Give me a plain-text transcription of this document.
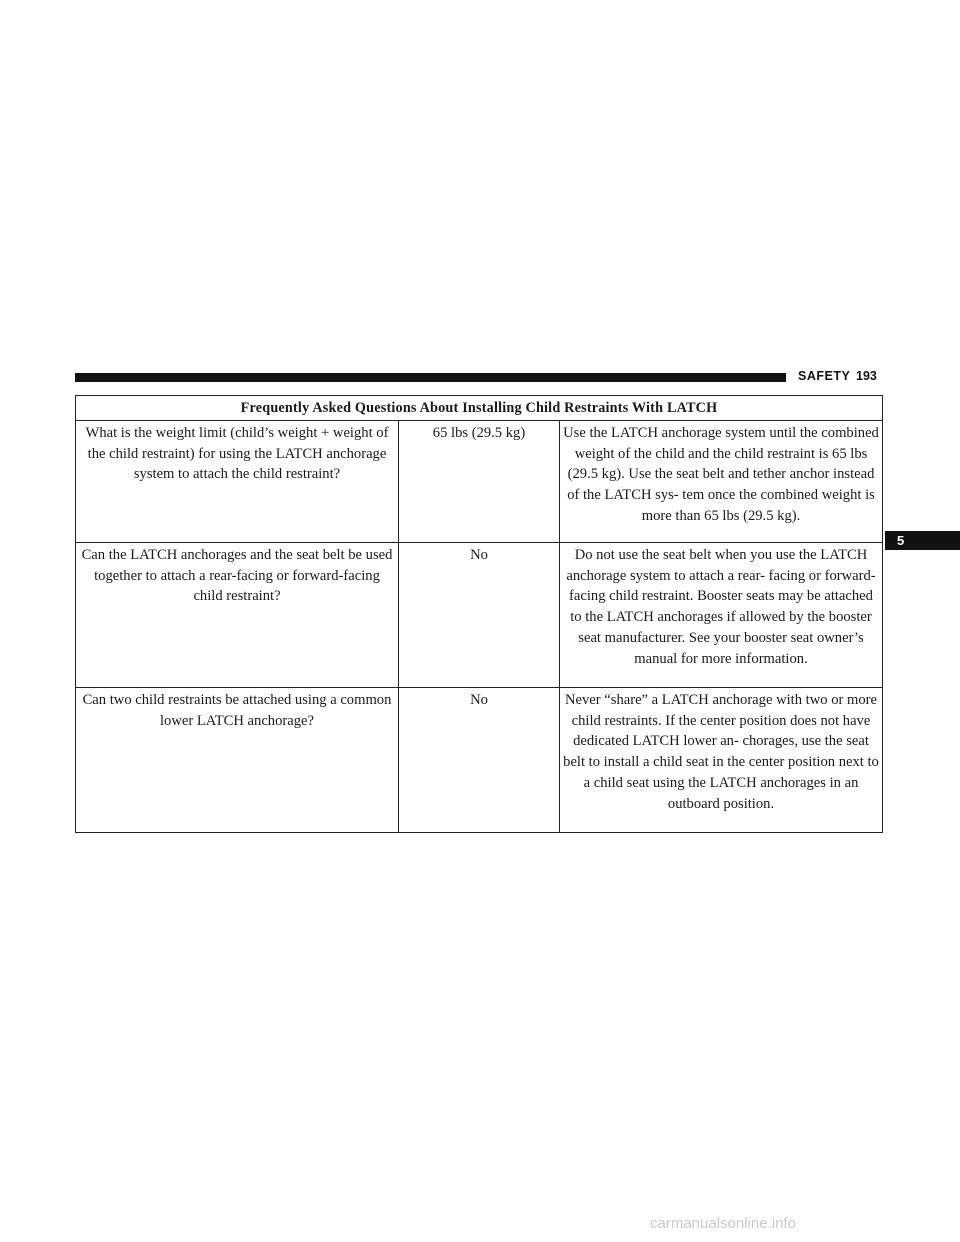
SAFETY 193
5
Frequently Asked Questions About Installing Child Restraints With LATCH		
What is the weight limit (child’s weight + weight of the child restraint) for using the LATCH anchorage system to attach the child restraint?	65 lbs (29.5 kg)	Use the LATCH anchorage system until the combined weight of the child and the child restraint is 65 lbs (29.5 kg). Use the seat belt and tether anchor instead of the LATCH sys- tem once the combined weight is more than 65 lbs (29.5 kg).
Can the LATCH anchorages and the seat belt be used together to attach a rear-facing or forward-facing child restraint?	No	Do not use the seat belt when you use the LATCH anchorage system to attach a rear- facing or forward-facing child restraint. Booster seats may be attached to the LATCH anchorages if allowed by the booster seat manufacturer. See your booster seat owner’s manual for more information.
Can two child restraints be attached using a common lower LATCH anchorage?	No	Never “share” a LATCH anchorage with two or more child restraints. If the center position does not have dedicated LATCH lower an- chorages, use the seat belt to install a child seat in the center position next to a child seat using the LATCH anchorages in an outboard position.
carmanualsonline.info
